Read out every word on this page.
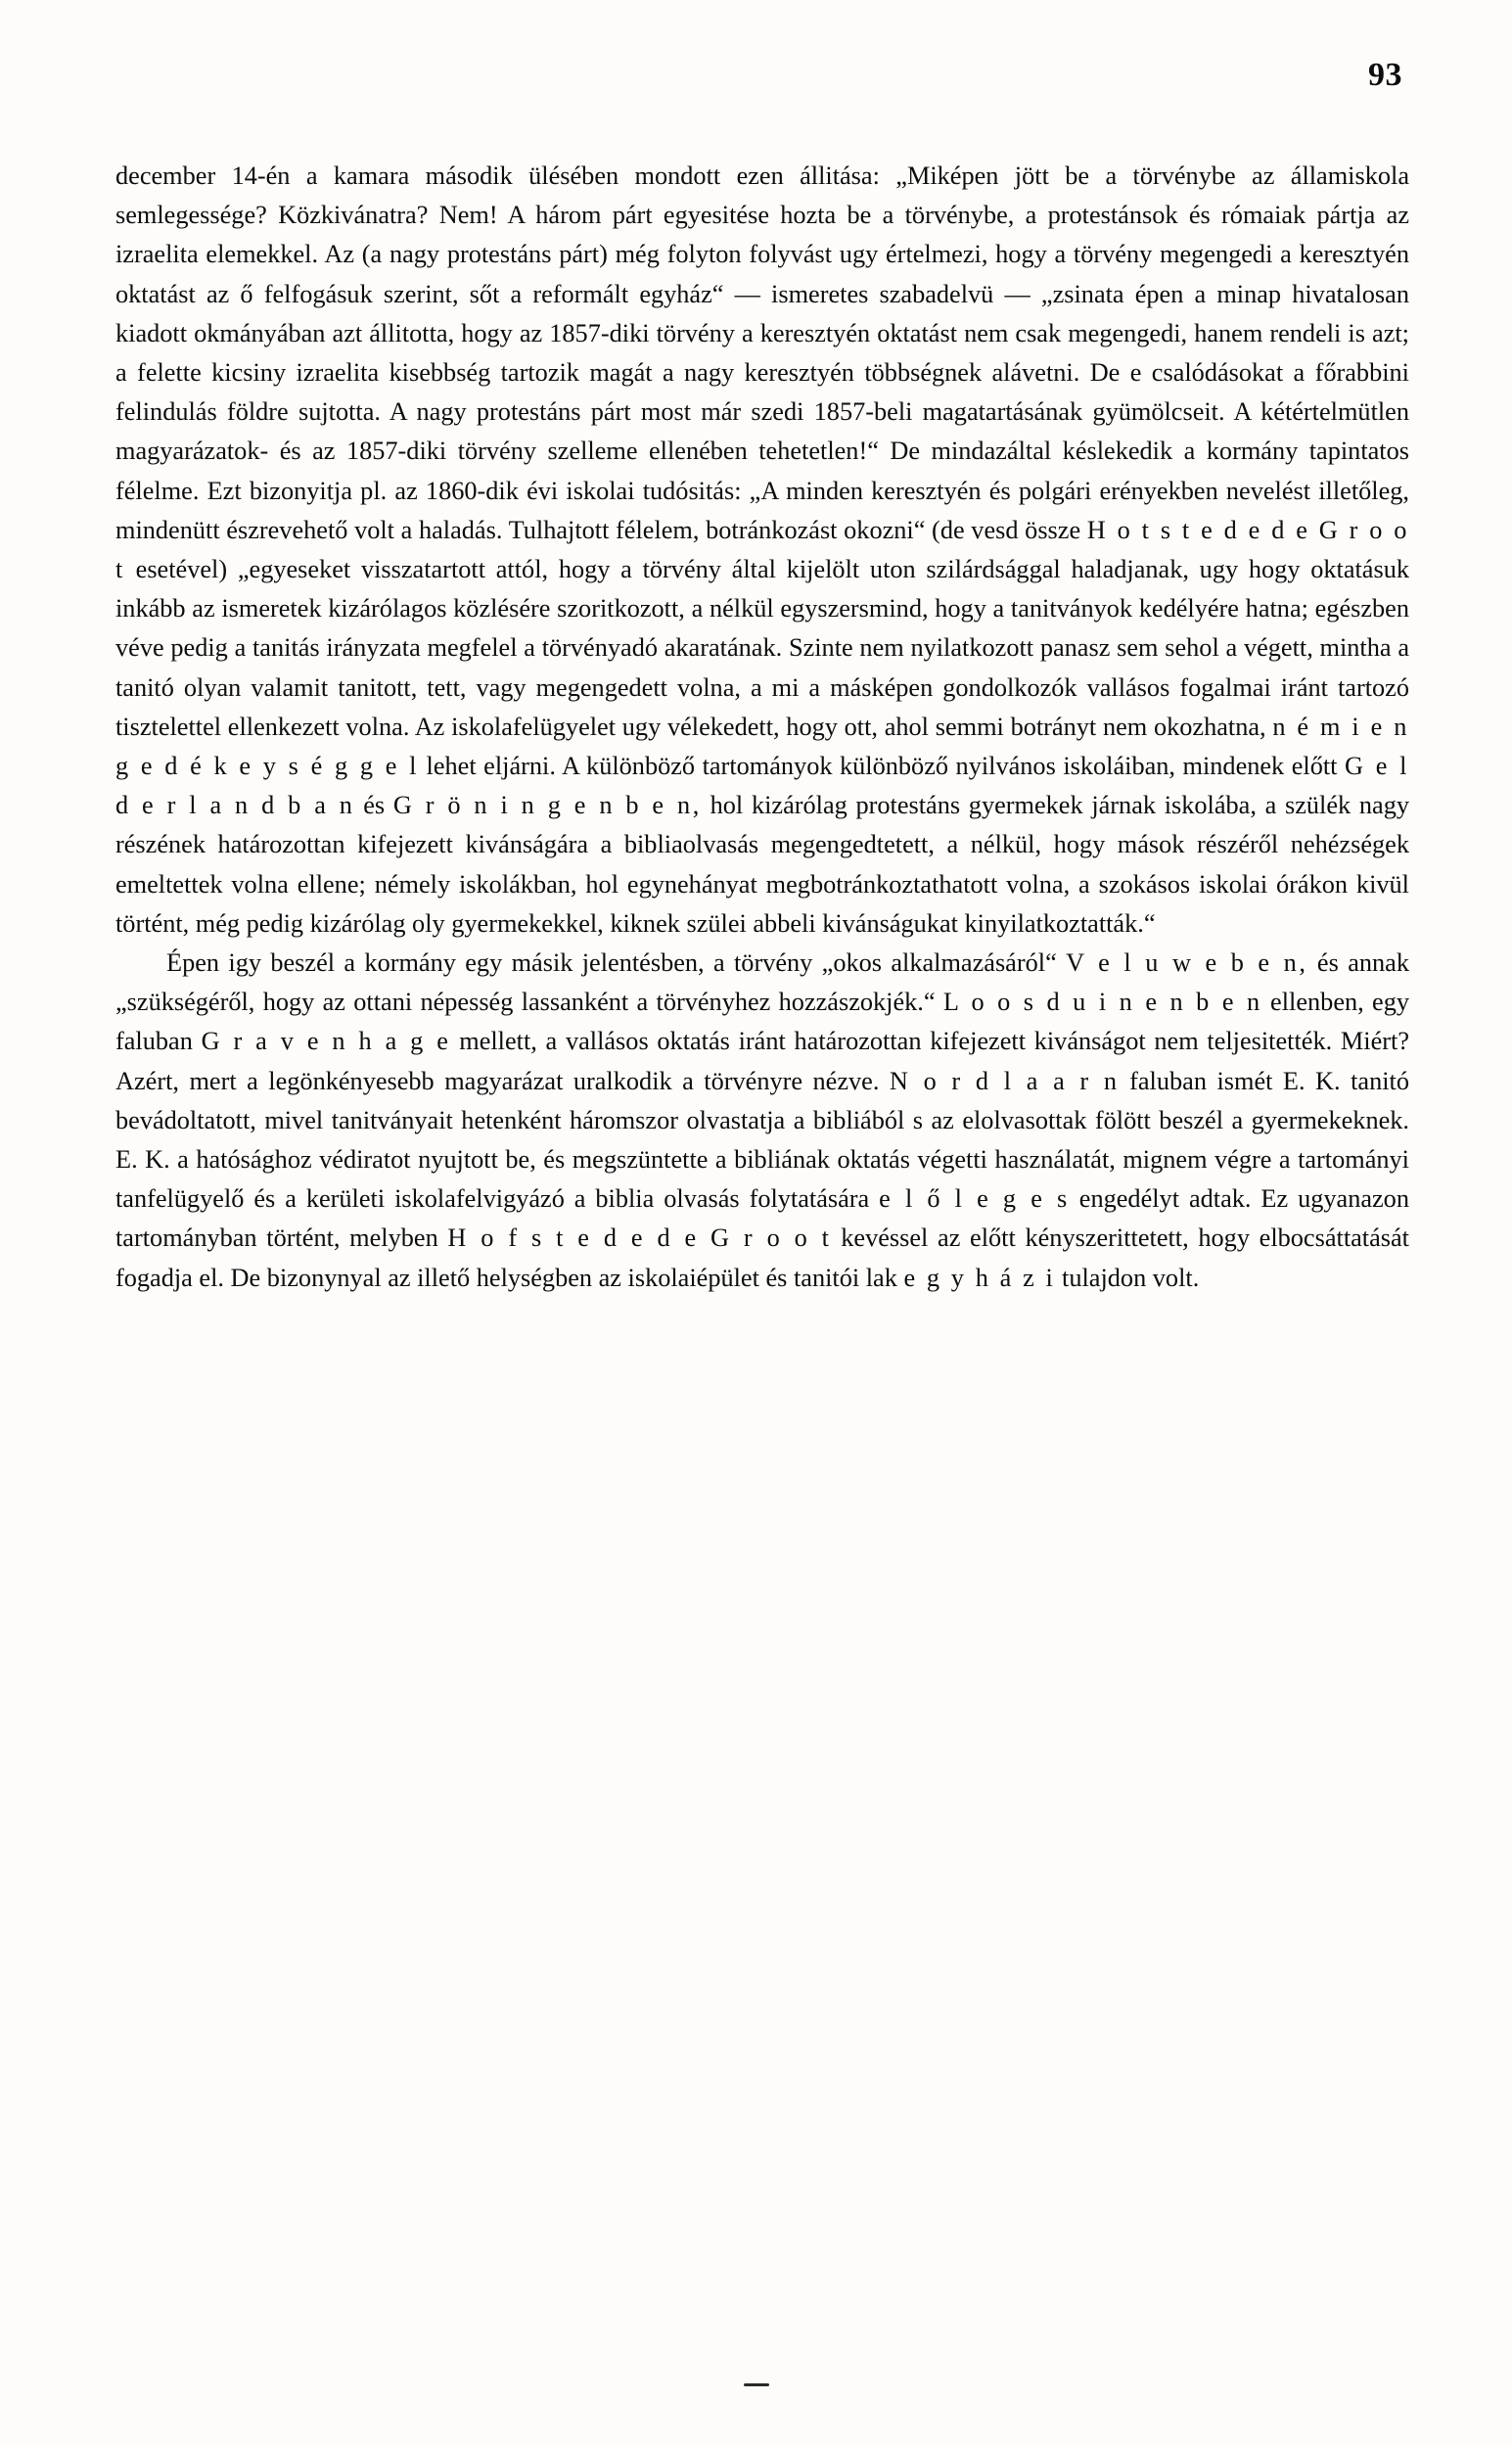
93

december 14-én a kamara második ülésében mondott ezen állitása: „Miképen jött be a törvénybe az államiskola semlegessége? Közkivánatra? Nem! A három párt egyesitése hozta be a törvénybe, a protestánsok és rómaiak pártja az izraelita elemekkel. Az (a nagy protestáns párt) még folyton folyvást ugy értelmezi, hogy a törvény megengedi a keresztyén oktatást az ő felfogásuk szerint, sőt a reformált egyház“ — ismeretes szabadelvü — „zsinata épen a minap hivatalosan kiadott okmányában azt állitotta, hogy az 1857-diki törvény a keresztyén oktatást nem csak megengedi, hanem rendeli is azt; a felette kicsiny izraelita kisebbség tartozik magát a nagy keresztyén többségnek alávetni. De e csalódásokat a főrabbini felindulás földre sujtotta. A nagy protestáns párt most már szedi 1857-beli magatartásának gyümölcseit. A kétértelmütlen magyarázatok- és az 1857-diki törvény szelleme ellenében tehetetlen!“ De mindazáltal késlekedik a kormány tapintatos félelme. Ezt bizonyitja pl. az 1860-dik évi iskolai tudósitás: „A minden keresztyén és polgári erényekben nevelést illetőleg, mindenütt észrevehető volt a haladás. Tulhajtott félelem, botránkozást okozni“ (de vesd össze H o t s t e d e d e G r o o t esetével) „egyeseket visszatartott attól, hogy a törvény által kijelölt uton szilárdsággal haladjanak, ugy hogy oktatásuk inkább az ismeretek kizárólagos közlésére szoritkozott, a nélkül egyszersmind, hogy a tanitványok kedélyére hatna; egészben véve pedig a tanitás irányzata megfelel a törvényadó akaratának. Szinte nem nyilatkozott panasz sem sehol a végett, mintha a tanitó olyan valamit tanitott, tett, vagy megengedett volna, a mi a másképen gondolkozók vallásos fogalmai iránt tartozó tisztelettel ellenkezett volna. Az iskolafelügyelet ugy vélekedett, hogy ott, ahol semmi botrányt nem okozhatna, n é m i e n g e d é k e y s é g g e l lehet eljárni. A különböző tartományok különböző nyilvános iskoláiban, mindenek előtt G e l d e r l a n d b a n és G r ö n i n g e n b e n, hol kizárólag protestáns gyermekek járnak iskolába, a szülék nagy részének határozottan kifejezett kivánságára a bibliaolvasás megengedtetett, a nélkül, hogy mások részéről nehézségek emeltettek volna ellene; némely iskolákban, hol egynehányat megbotránkoztathatott volna, a szokásos iskolai órákon kivül történt, még pedig kizárólag oly gyermekekkel, kiknek szülei abbeli kivánságukat kinyilatkoztatták.“

Épen igy beszél a kormány egy másik jelentésben, a törvény „okos alkalmazásáról“ V e l u w e b e n, és annak „szükségéről, hogy az ottani népesség lassanként a törvényhez hozzászokjék.“ L o o s d u i n e n b e n ellenben, egy faluban G r a v e n h a g e mellett, a vallásos oktatás iránt határozottan kifejezett kivánságot nem teljesitették. Miért? Azért, mert a legönkényesebb magyarázat uralkodik a törvényre nézve. N o r d l a a r n faluban ismét E. K. tanitó bevádoltatott, mivel tanitványait hetenként háromszor olvastatja a bibliából s az elolvasottak fölött beszél a gyermekeknek. E. K. a hatósághoz védiratot nyujtott be, és megszüntette a bibliának oktatás végetti használatát, mignem végre a tartományi tanfelügyelő és a kerületi iskolafelvigyázó a biblia olvasás folytatására e l ő l e g e s engedélyt adtak. Ez ugyanazon tartományban történt, melyben H o f s t e d e d e G r o o t kevéssel az előtt kényszerittetett, hogy elbocsáttatását fogadja el. De bizonynyal az illető helységben az iskolaiépület és tanitói lak e g y h á z i tulajdon volt.
